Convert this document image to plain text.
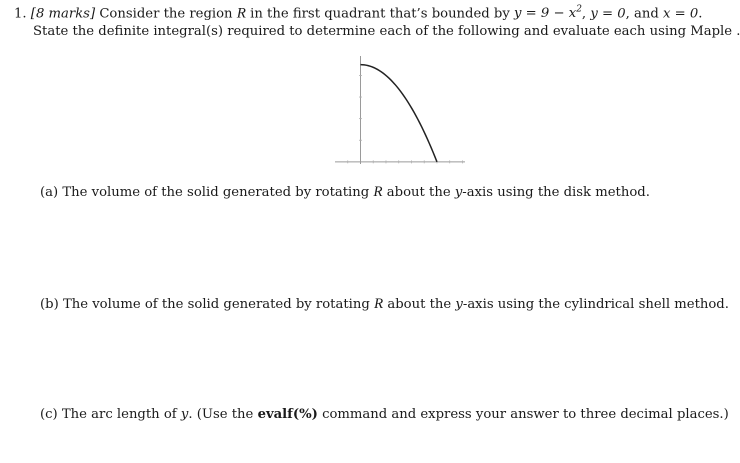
1. [8 marks] Consider the region R in the first quadrant that’s bounded by $y = 9 - x^2$, y = 0, and x = 0.
State the definite integral(s) required to determine each of the following and evaluate each using Maple .
(a) The volume of the solid generated by rotating R about the y-axis using the disk method.
(b) The volume of the solid generated by rotating R about the y-axis using the cylindrical shell method.
(c) The arc length of y. (Use the evalf(%) command and express your answer to three decimal places.)
